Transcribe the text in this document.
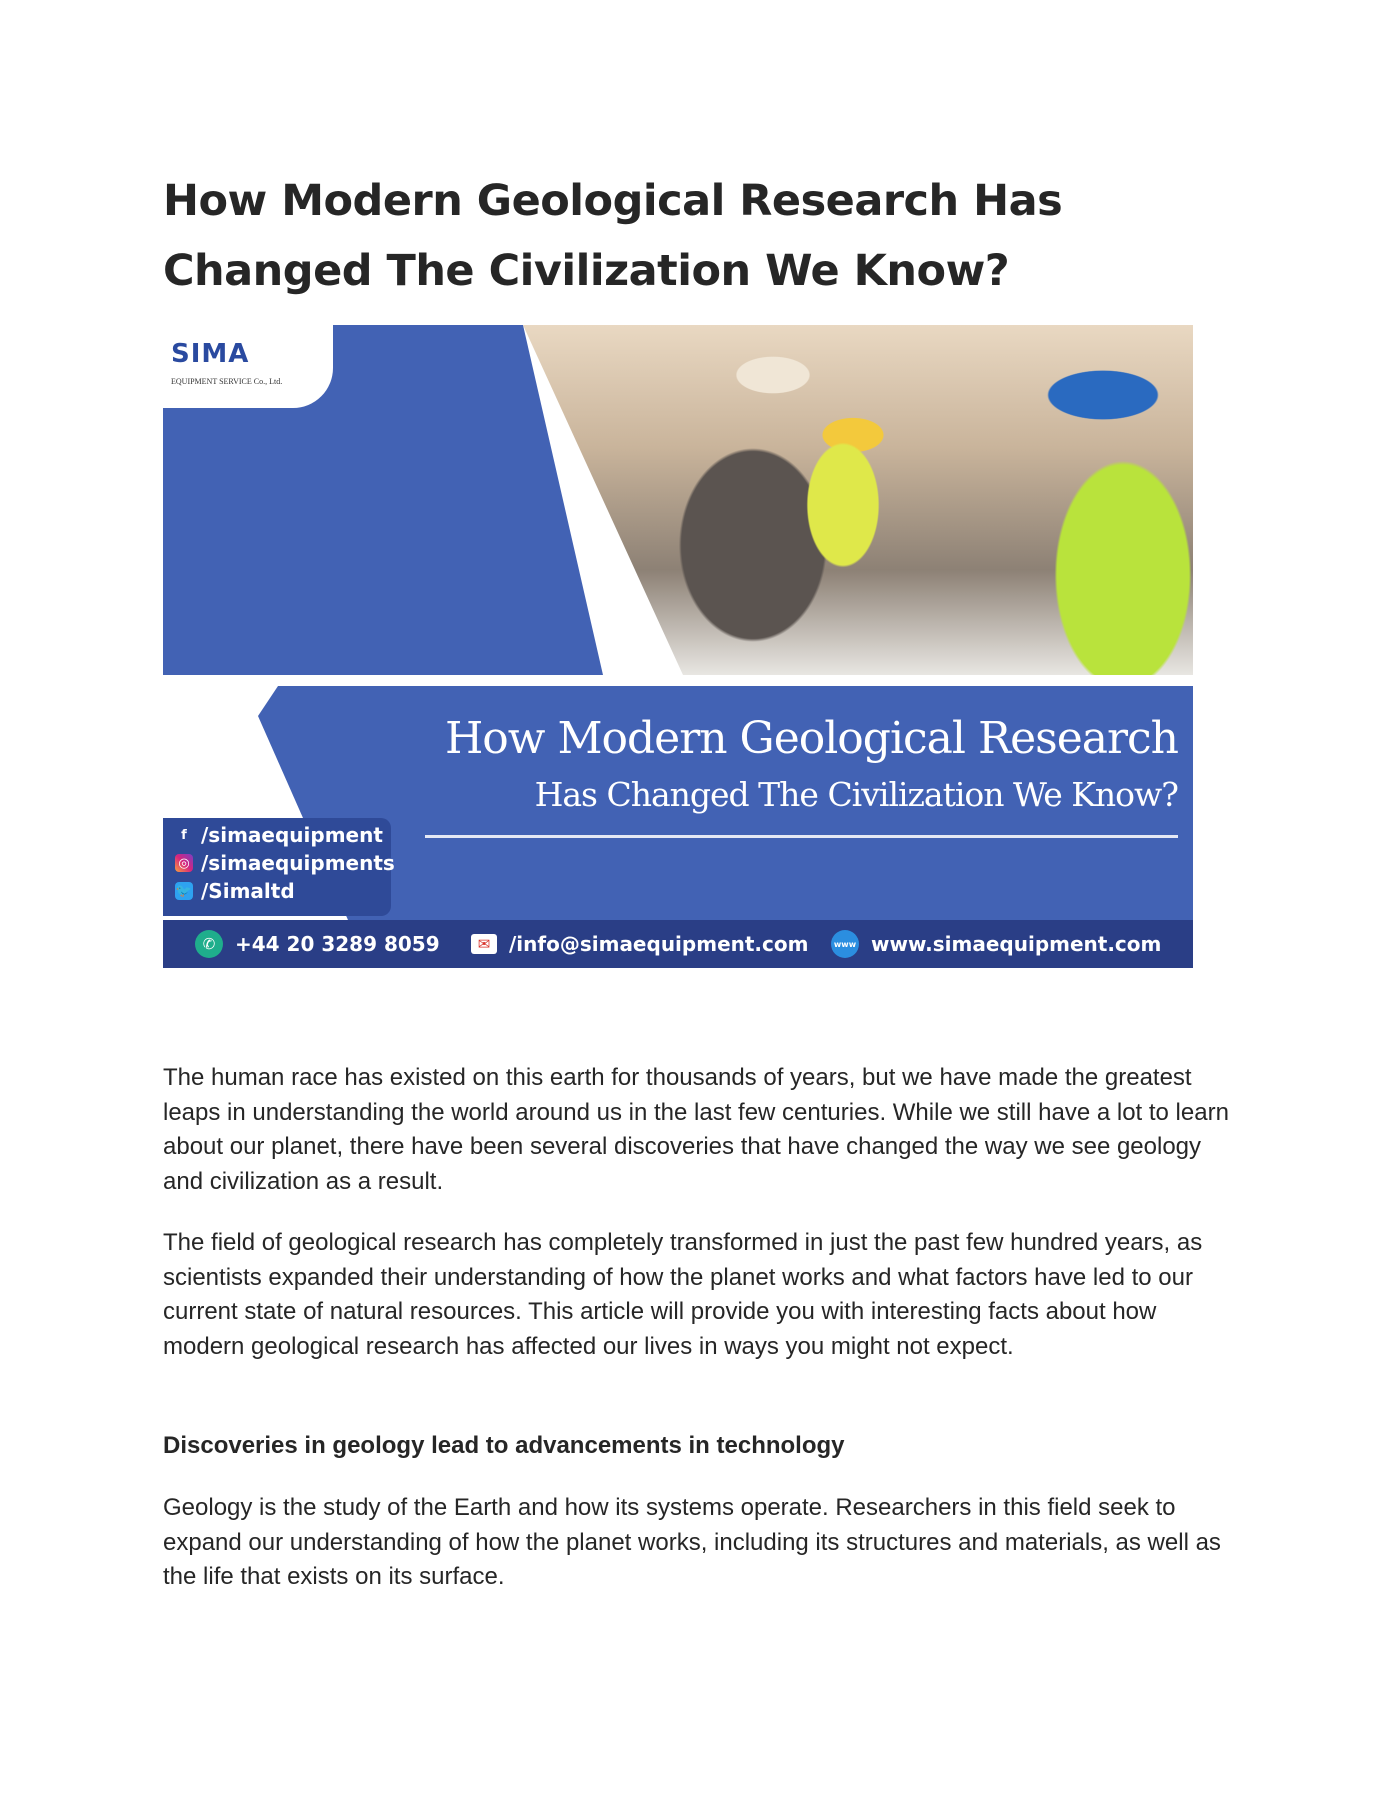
How Modern Geological Research Has Changed The Civilization We Know?
SIMA
EQUIPMENT SERVICE Co., Ltd.
How Modern Geological Research
Has Changed The Civilization We Know?
f /simaequipment
◎ /simaequipments
🐦 /Simaltd
✆ +44 20 3289 8059	✉ /info@simaequipment.com	www www.simaequipment.com

The human race has existed on this earth for thousands of years, but we have made the greatest leaps in understanding the world around us in the last few centuries. While we still have a lot to learn about our planet, there have been several discoveries that have changed the way we see geology and civilization as a result.

The field of geological research has completely transformed in just the past few hundred years, as scientists expanded their understanding of how the planet works and what factors have led to our current state of natural resources. This article will provide you with interesting facts about how modern geological research has affected our lives in ways you might not expect.

Discoveries in geology lead to advancements in technology

Geology is the study of the Earth and how its systems operate. Researchers in this field seek to expand our understanding of how the planet works, including its structures and materials, as well as the life that exists on its surface.
